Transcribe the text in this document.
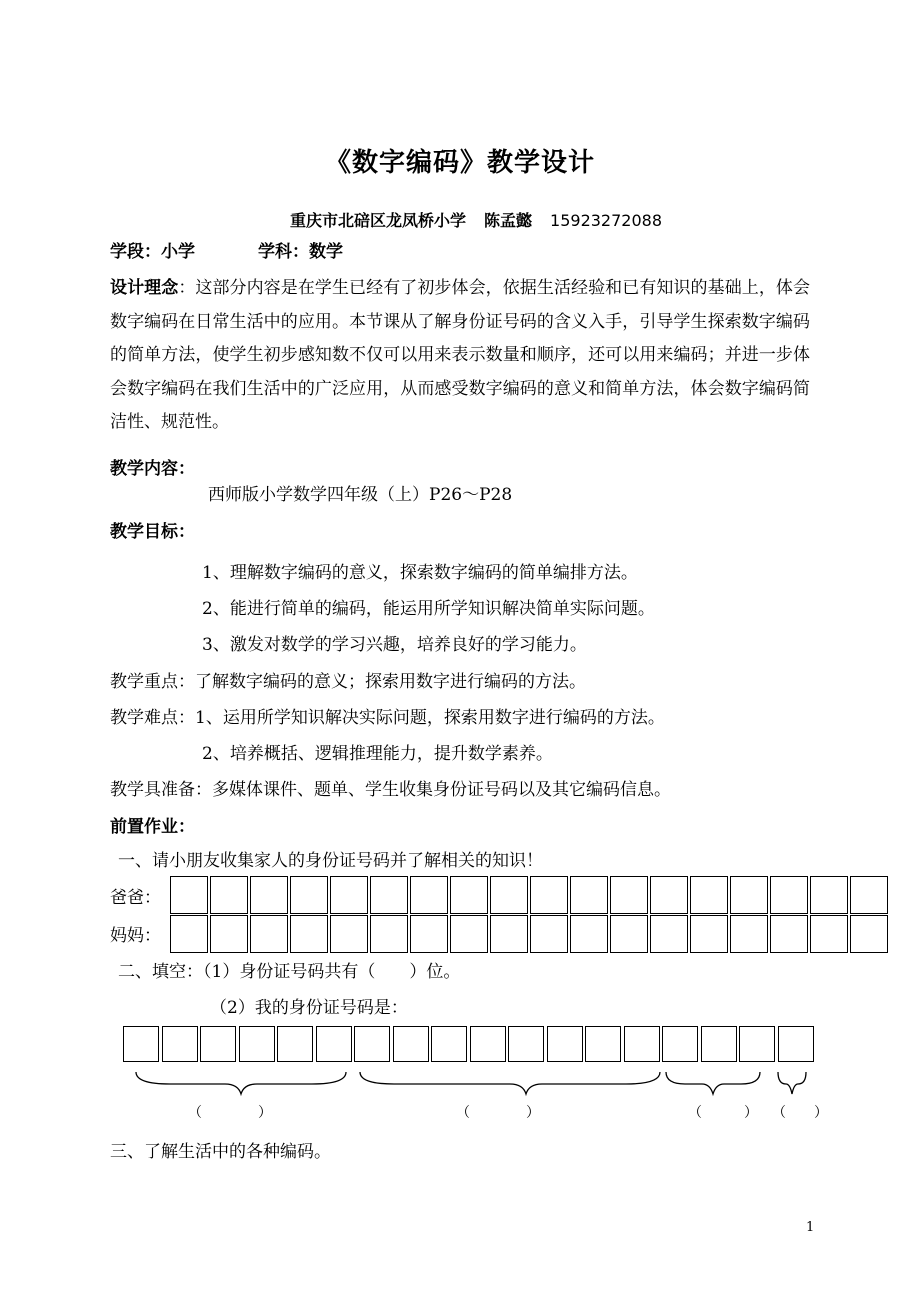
《数字编码》教学设计
重庆市北碚区龙凤桥小学 陈孟懿 15923272088
学段：小学	学科：数学
设计理念：这部分内容是在学生已经有了初步体会，依据生活经验和已有知识的基础上，体会数字编码在日常生活中的应用。本节课从了解身份证号码的含义入手，引导学生探索数字编码的简单方法，使学生初步感知数不仅可以用来表示数量和顺序，还可以用来编码；并进一步体会数字编码在我们生活中的广泛应用，从而感受数字编码的意义和简单方法，体会数字编码简洁性、规范性。
教学内容：
西师版小学数学四年级（上）P26～P28
教学目标：
1、理解数字编码的意义，探索数字编码的简单编排方法。
2、能进行简单的编码，能运用所学知识解决简单实际问题。
3、激发对数学的学习兴趣，培养良好的学习能力。
教学重点：了解数字编码的意义；探索用数字进行编码的方法。
教学难点：1、运用所学知识解决实际问题，探索用数字进行编码的方法。
2、培养概括、逻辑推理能力，提升数学素养。
教学具准备：多媒体课件、题单、学生收集身份证号码以及其它编码信息。
前置作业：
一、请小朋友收集家人的身份证号码并了解相关的知识！
爸爸：
妈妈：
二、填空：（1）身份证号码共有（　　）位。
（2）我的身份证号码是：
（　　　　）	（　　　　）	（　　　） （　　）
三、了解生活中的各种编码。
1
